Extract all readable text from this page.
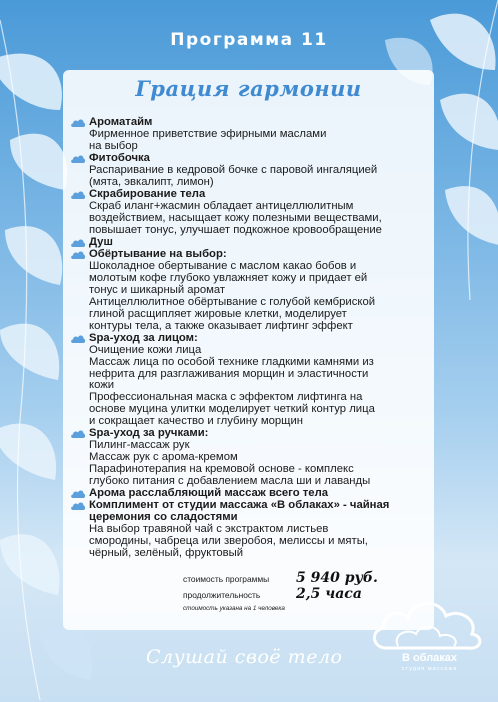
Программа 11
Грация гармонии
Ароматайм
Фирменное приветствие эфирными маслами
на выбор
Фитобочка
Распаривание в кедровой бочке с паровой ингаляцией
(мята, эвкалипт, лимон)
Скрабирование тела
Скраб иланг+жасмин обладает антицеллюлитным
воздействием, насыщает кожу полезными веществами,
повышает тонус, улучшает подкожное кровообращение
Душ
Обёртывание на выбор:
Шоколадное обертывание с маслом какао бобов и
молотым кофе глубоко увлажняет кожу и придает ей
тонус и шикарный аромат
Антицеллюлитное обёртывание с голубой кембриской
глиной расщипляет жировые клетки, моделирует
контуры тела, а также оказывает лифтинг эффект
Spa-уход за лицом:
Очищение кожи лица
Массаж лица по особой технике гладкими камнями из
нефрита для разглаживания морщин и эластичности
кожи
Профессиональная маска с эффектом лифтинга на
основе муцина улитки моделирует четкий контур лица
и сокращает качество и глубину морщин
Spa-уход за ручками:
Пилинг-массаж рук
Массаж рук с арома-кремом
Парафинотерапия на кремовой основе - комплекс
глубоко питания с добавлением масла ши и лаванды
Арома расслабляющий массаж всего тела
Комплимент от студии массажа «В облаках» - чайная церемония со сладостями
На выбор травяной чай с экстрактом листьев
смородины, чабреца или зверобоя, мелиссы и мяты,
чёрный, зелёный, фруктовый
стоимость программы	5 940 руб.
продолжительность	2,5 часа
стоимость указана на 1 человека
Слушай своё тело	В облаках
студия массажа
